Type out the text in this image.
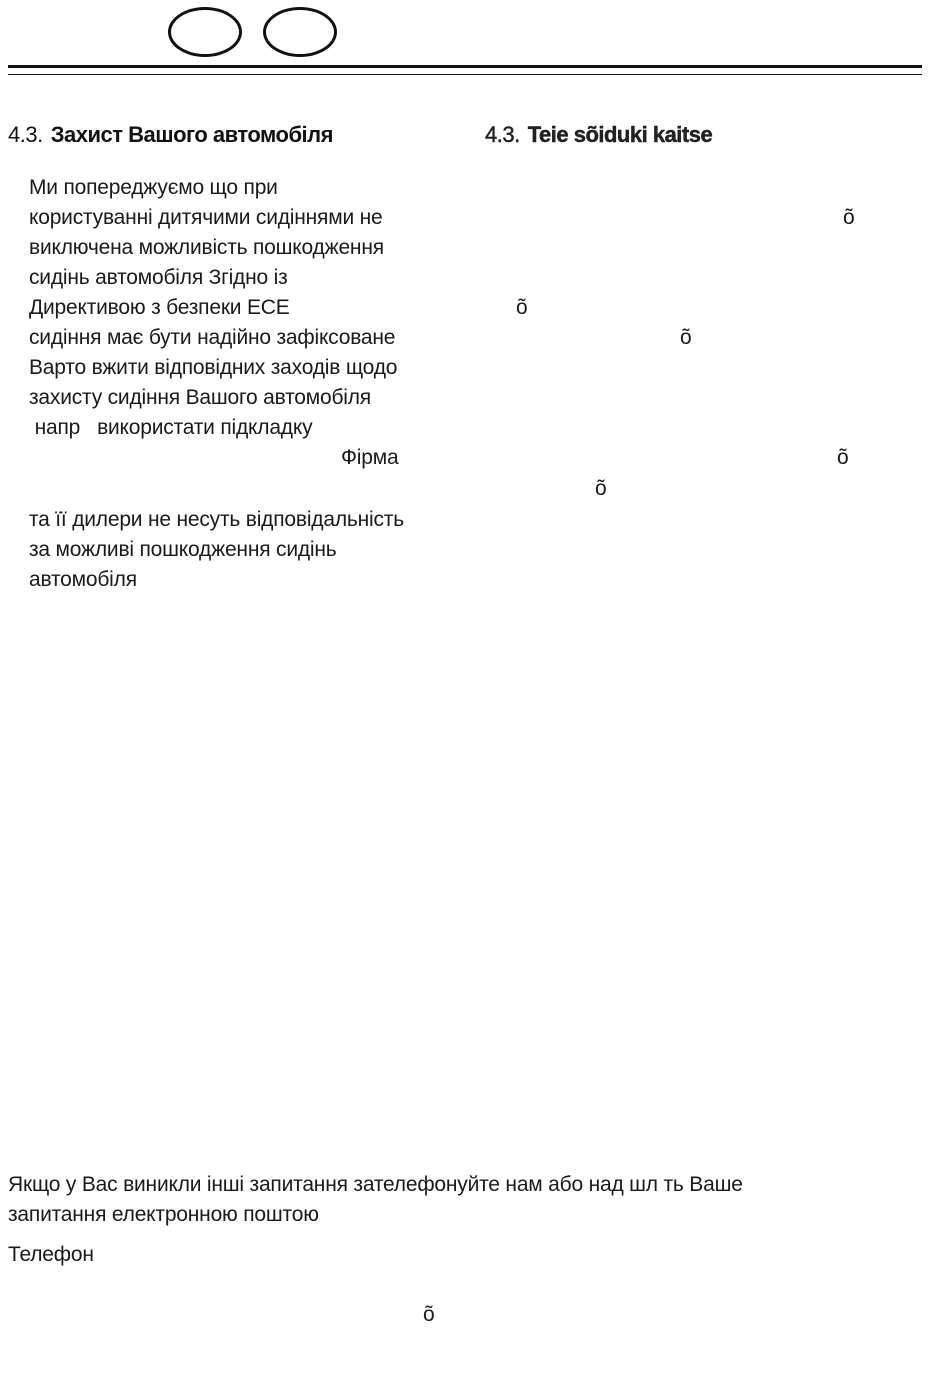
4.3. Захист Вашого автомобіля	4.3. Teie sõiduki kaitse
Ми попереджуємо що при
користуванні дитячими сидіннями не
виключена можливість пошкодження
сидінь автомобіля Згідно із
Директивою з безпеки ЕСЕ
сидіння має бути надійно зафіксоване
Варто вжити відповідних заходів щодо
захисту сидіння Вашого автомобіля
напр   використати підкладку
Фірма
та її дилери не несуть відповідальність
за можливі пошкодження сидінь
автомобіля
õ
õ
õ
õ
õ
Якщо у Вас виникли інші запитання зателефонуйте нам або над шл ть Ваше
запитання електронною поштою
Телефон
õ
